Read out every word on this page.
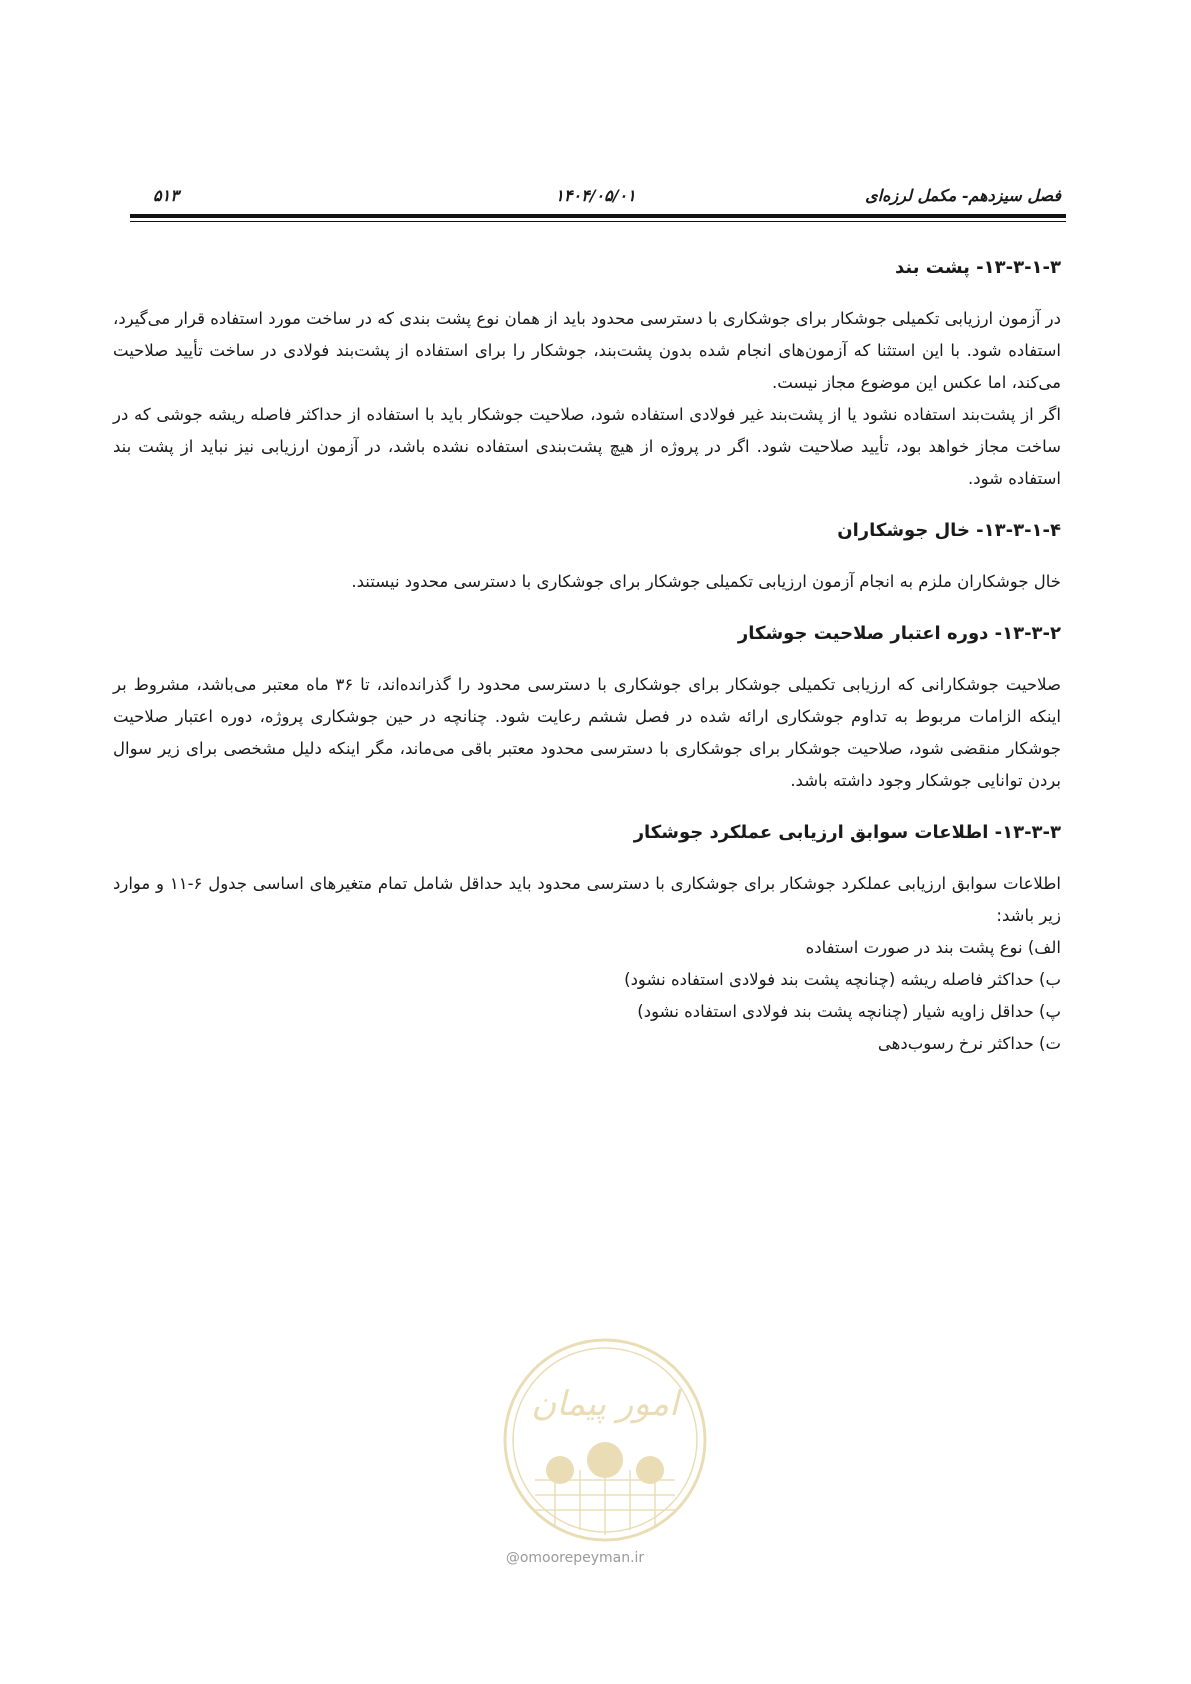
فصل سیزدهم- مکمل لرزه‌ای
۱۴۰۴/۰۵/۰۱
۵۱۳
۱۳-۳-۱-۳- پشت بند

در آزمون ارزیابی تکمیلی جوشکار برای جوشکاری با دسترسی محدود باید از همان نوع پشت بندی که در ساخت مورد استفاده قرار می‌گیرد، استفاده شود. با این استثنا که آزمون‌های انجام شده بدون پشت‌بند، جوشکار را برای استفاده از پشت‌بند فولادی در ساخت تأیید صلاحیت می‌کند، اما عکس این موضوع مجاز نیست.

اگر از پشت‌بند استفاده نشود یا از پشت‌بند غیر فولادی استفاده شود، صلاحیت جوشکار باید با استفاده از حداکثر فاصله ریشه جوشی که در ساخت مجاز خواهد بود، تأیید صلاحیت شود. اگر در پروژه از هیچ پشت‌بندی استفاده نشده باشد، در آزمون ارزیابی نیز نباید از پشت بند استفاده شود.

۱۳-۳-۱-۴- خال جوشکاران

خال جوشکاران ملزم به انجام آزمون ارزیابی تکمیلی جوشکار برای جوشکاری با دسترسی محدود نیستند.

۱۳-۳-۲- دوره اعتبار صلاحیت جوشکار

صلاحیت جوشکارانی که ارزیابی تکمیلی جوشکار برای جوشکاری با دسترسی محدود را گذرانده‌اند، تا ۳۶ ماه معتبر می‌باشد، مشروط بر اینکه الزامات مربوط به تداوم جوشکاری ارائه شده در فصل ششم رعایت شود. چنانچه در حین جوشکاری پروژه، دوره اعتبار صلاحیت جوشکار منقضی شود، صلاحیت جوشکار برای جوشکاری با دسترسی محدود معتبر باقی می‌ماند، مگر اینکه دلیل مشخصی برای زیر سوال بردن توانایی جوشکار وجود داشته باشد.

۱۳-۳-۳- اطلاعات سوابق ارزیابی عملکرد جوشکار

اطلاعات سوابق ارزیابی عملکرد جوشکار برای جوشکاری با دسترسی محدود باید حداقل شامل تمام متغیرهای اساسی جدول ۶-۱۱ و موارد زیر باشد:

الف) نوع پشت بند در صورت استفاده

ب) حداکثر فاصله ریشه (چنانچه پشت بند فولادی استفاده نشود)

پ) حداقل زاویه شیار (چنانچه پشت بند فولادی استفاده نشود)

ت) حداکثر نرخ رسوب‌دهی

امور پیمان
@omoorepeyman.ir
